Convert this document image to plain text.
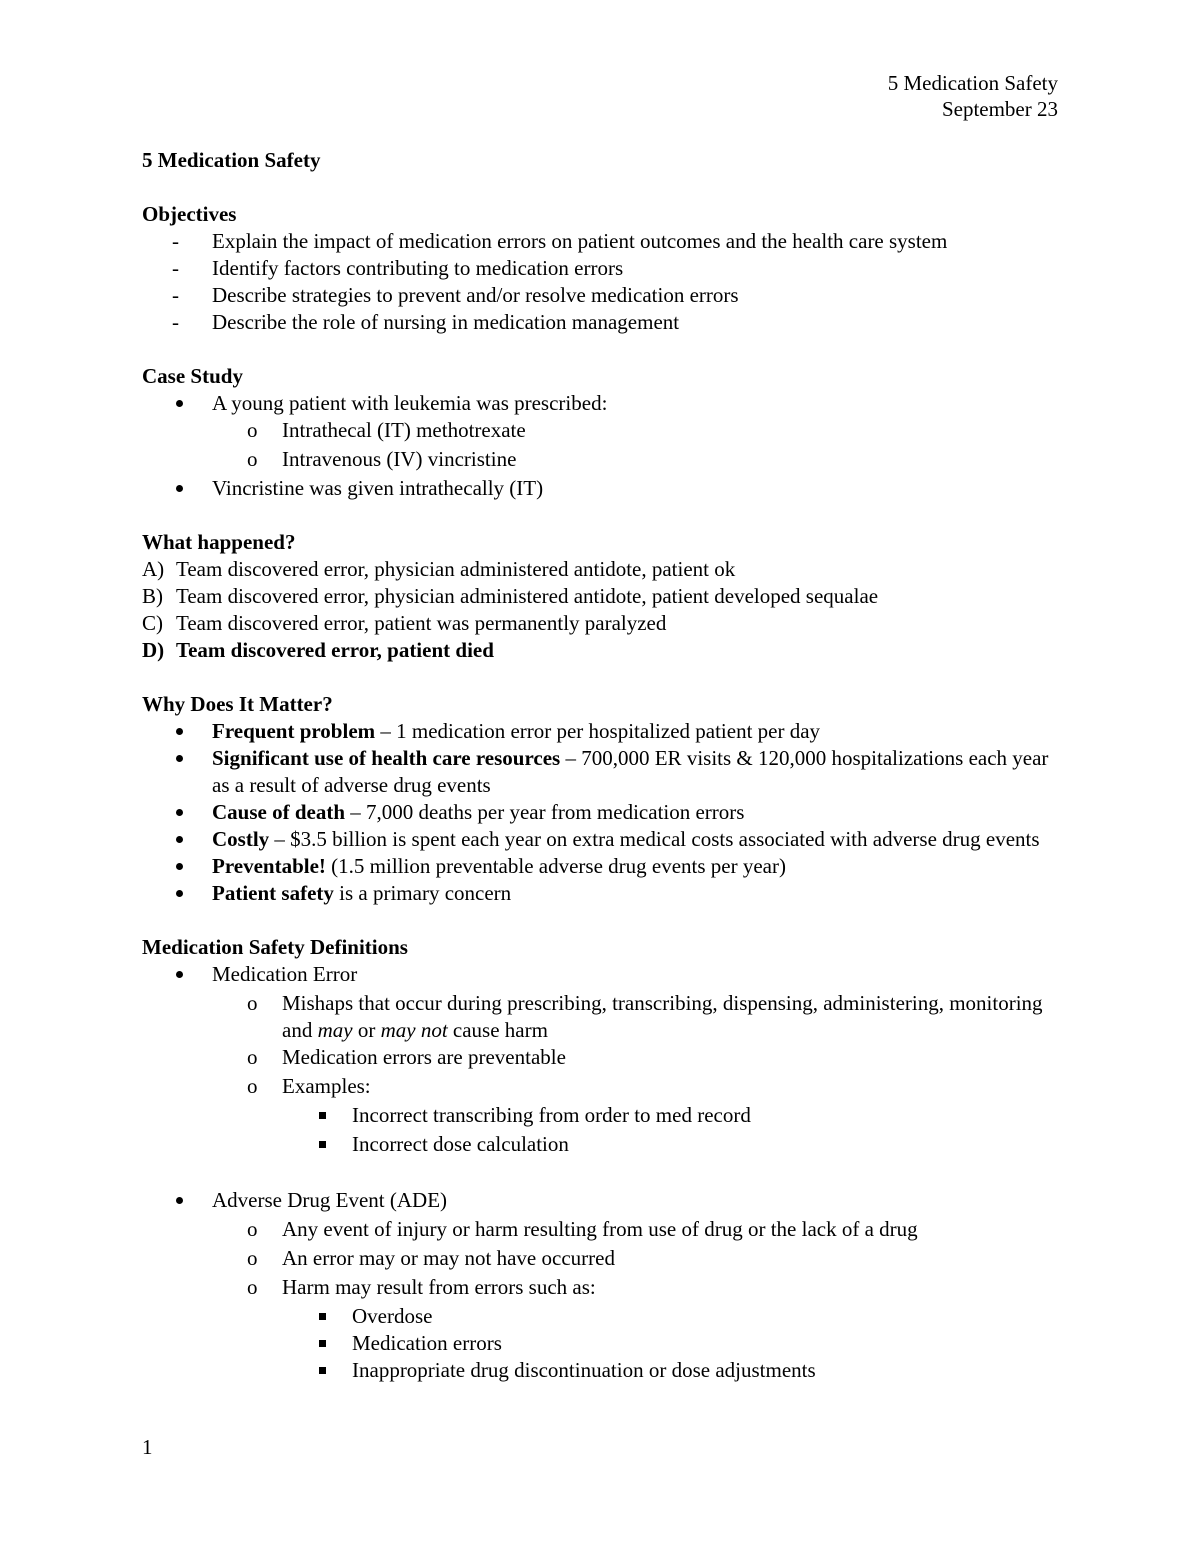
5 Medication Safety
September 23
5 Medication Safety
Objectives
- Explain the impact of medication errors on patient outcomes and the health care system
- Identify factors contributing to medication errors
- Describe strategies to prevent and/or resolve medication errors
- Describe the role of nursing in medication management
Case Study
A young patient with leukemia was prescribed:
o Intrathecal (IT) methotrexate
o Intravenous (IV) vincristine
Vincristine was given intrathecally (IT)
What happened?
A) Team discovered error, physician administered antidote, patient ok
B) Team discovered error, physician administered antidote, patient developed sequalae
C) Team discovered error, patient was permanently paralyzed
D) Team discovered error, patient died
Why Does It Matter?
Frequent problem – 1 medication error per hospitalized patient per day
Significant use of health care resources – 700,000 ER visits & 120,000 hospitalizations each year as a result of adverse drug events
Cause of death – 7,000 deaths per year from medication errors
Costly – $3.5 billion is spent each year on extra medical costs associated with adverse drug events
Preventable! (1.5 million preventable adverse drug events per year)
Patient safety is a primary concern
Medication Safety Definitions
Medication Error
o Mishaps that occur during prescribing, transcribing, dispensing, administering, monitoring and may or may not cause harm
o Medication errors are preventable
o Examples:
Incorrect transcribing from order to med record
Incorrect dose calculation
Adverse Drug Event (ADE)
o Any event of injury or harm resulting from use of drug or the lack of a drug
o An error may or may not have occurred
o Harm may result from errors such as:
Overdose
Medication errors
Inappropriate drug discontinuation or dose adjustments
1
